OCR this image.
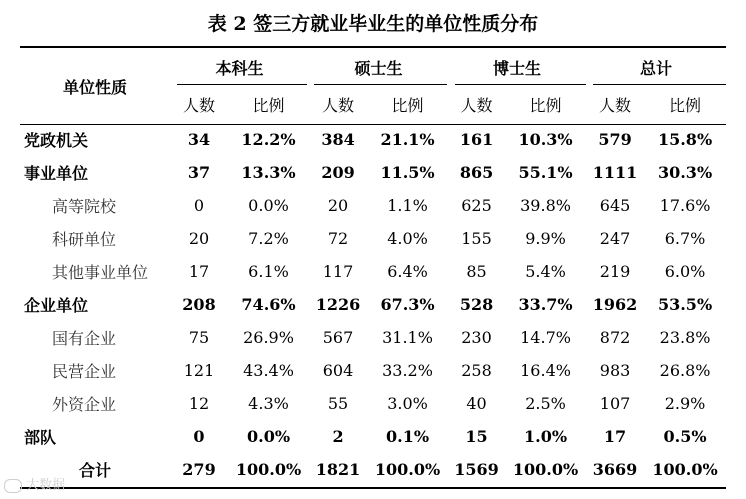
表 2 签三方就业毕业生的单位性质分布
单位性质	本科生		硕士生		博士生		总计	
	人数	比例	人数	比例	人数	比例	人数	比例
党政机关	34	12.2%	384	21.1%	161	10.3%	579	15.8%
事业单位	37	13.3%	209	11.5%	865	55.1%	1111	30.3%
高等院校	0	0.0%	20	1.1%	625	39.8%	645	17.6%
科研单位	20	7.2%	72	4.0%	155	9.9%	247	6.7%
其他事业单位	17	6.1%	117	6.4%	85	5.4%	219	6.0%
企业单位	208	74.6%	1226	67.3%	528	33.7%	1962	53.5%
国有企业	75	26.9%	567	31.1%	230	14.7%	872	23.8%
民营企业	121	43.4%	604	33.2%	258	16.4%	983	26.8%
外资企业	12	4.3%	55	3.0%	40	2.5%	107	2.9%
部队	0	0.0%	2	0.1%	15	1.0%	17	0.5%
合计	279	100.0%	1821	100.0%	1569	100.0%	3669	100.0%
大数据
